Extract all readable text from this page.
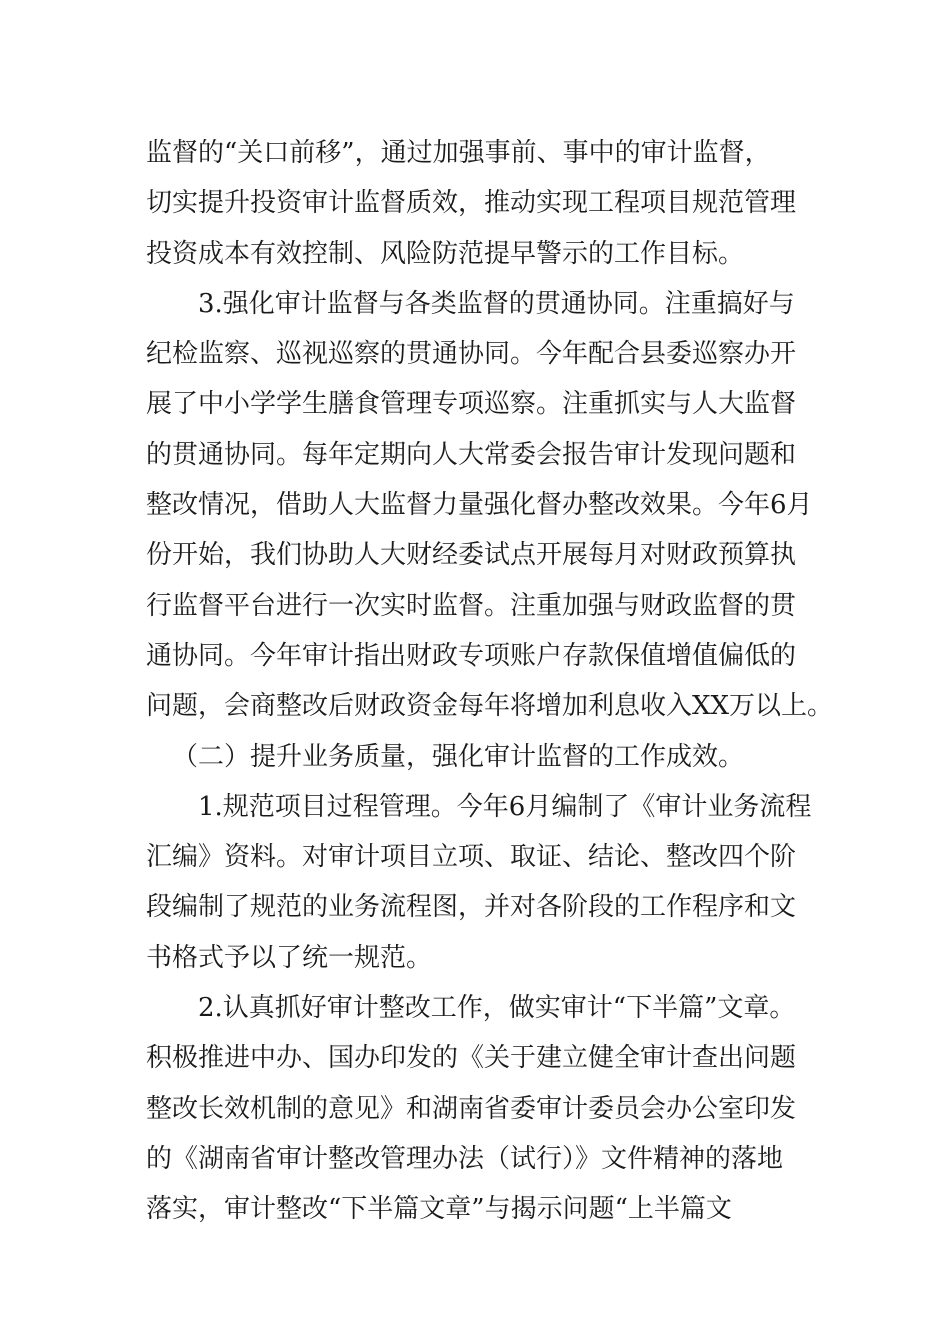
监督的“关口前移”，通过加强事前、事中的审计监督，
切实提升投资审计监督质效，推动实现工程项目规范管理
投资成本有效控制、风险防范提早警示的工作目标。
3.强化审计监督与各类监督的贯通协同。注重搞好与
纪检监察、巡视巡察的贯通协同。今年配合县委巡察办开
展了中小学学生膳食管理专项巡察。注重抓实与人大监督
的贯通协同。每年定期向人大常委会报告审计发现问题和
整改情况，借助人大监督力量强化督办整改效果。今年6月
份开始，我们协助人大财经委试点开展每月对财政预算执
行监督平台进行一次实时监督。注重加强与财政监督的贯
通协同。今年审计指出财政专项账户存款保值增值偏低的
问题，会商整改后财政资金每年将增加利息收入XX万以上。
（二）提升业务质量，强化审计监督的工作成效。
1.规范项目过程管理。今年6月编制了《审计业务流程
汇编》资料。对审计项目立项、取证、结论、整改四个阶
段编制了规范的业务流程图，并对各阶段的工作程序和文
书格式予以了统一规范。
2.认真抓好审计整改工作，做实审计“下半篇”文章。
积极推进中办、国办印发的《关于建立健全审计查出问题
整改长效机制的意见》和湖南省委审计委员会办公室印发
的《湖南省审计整改管理办法（试行）》文件精神的落地
落实，审计整改“下半篇文章”与揭示问题“上半篇文
